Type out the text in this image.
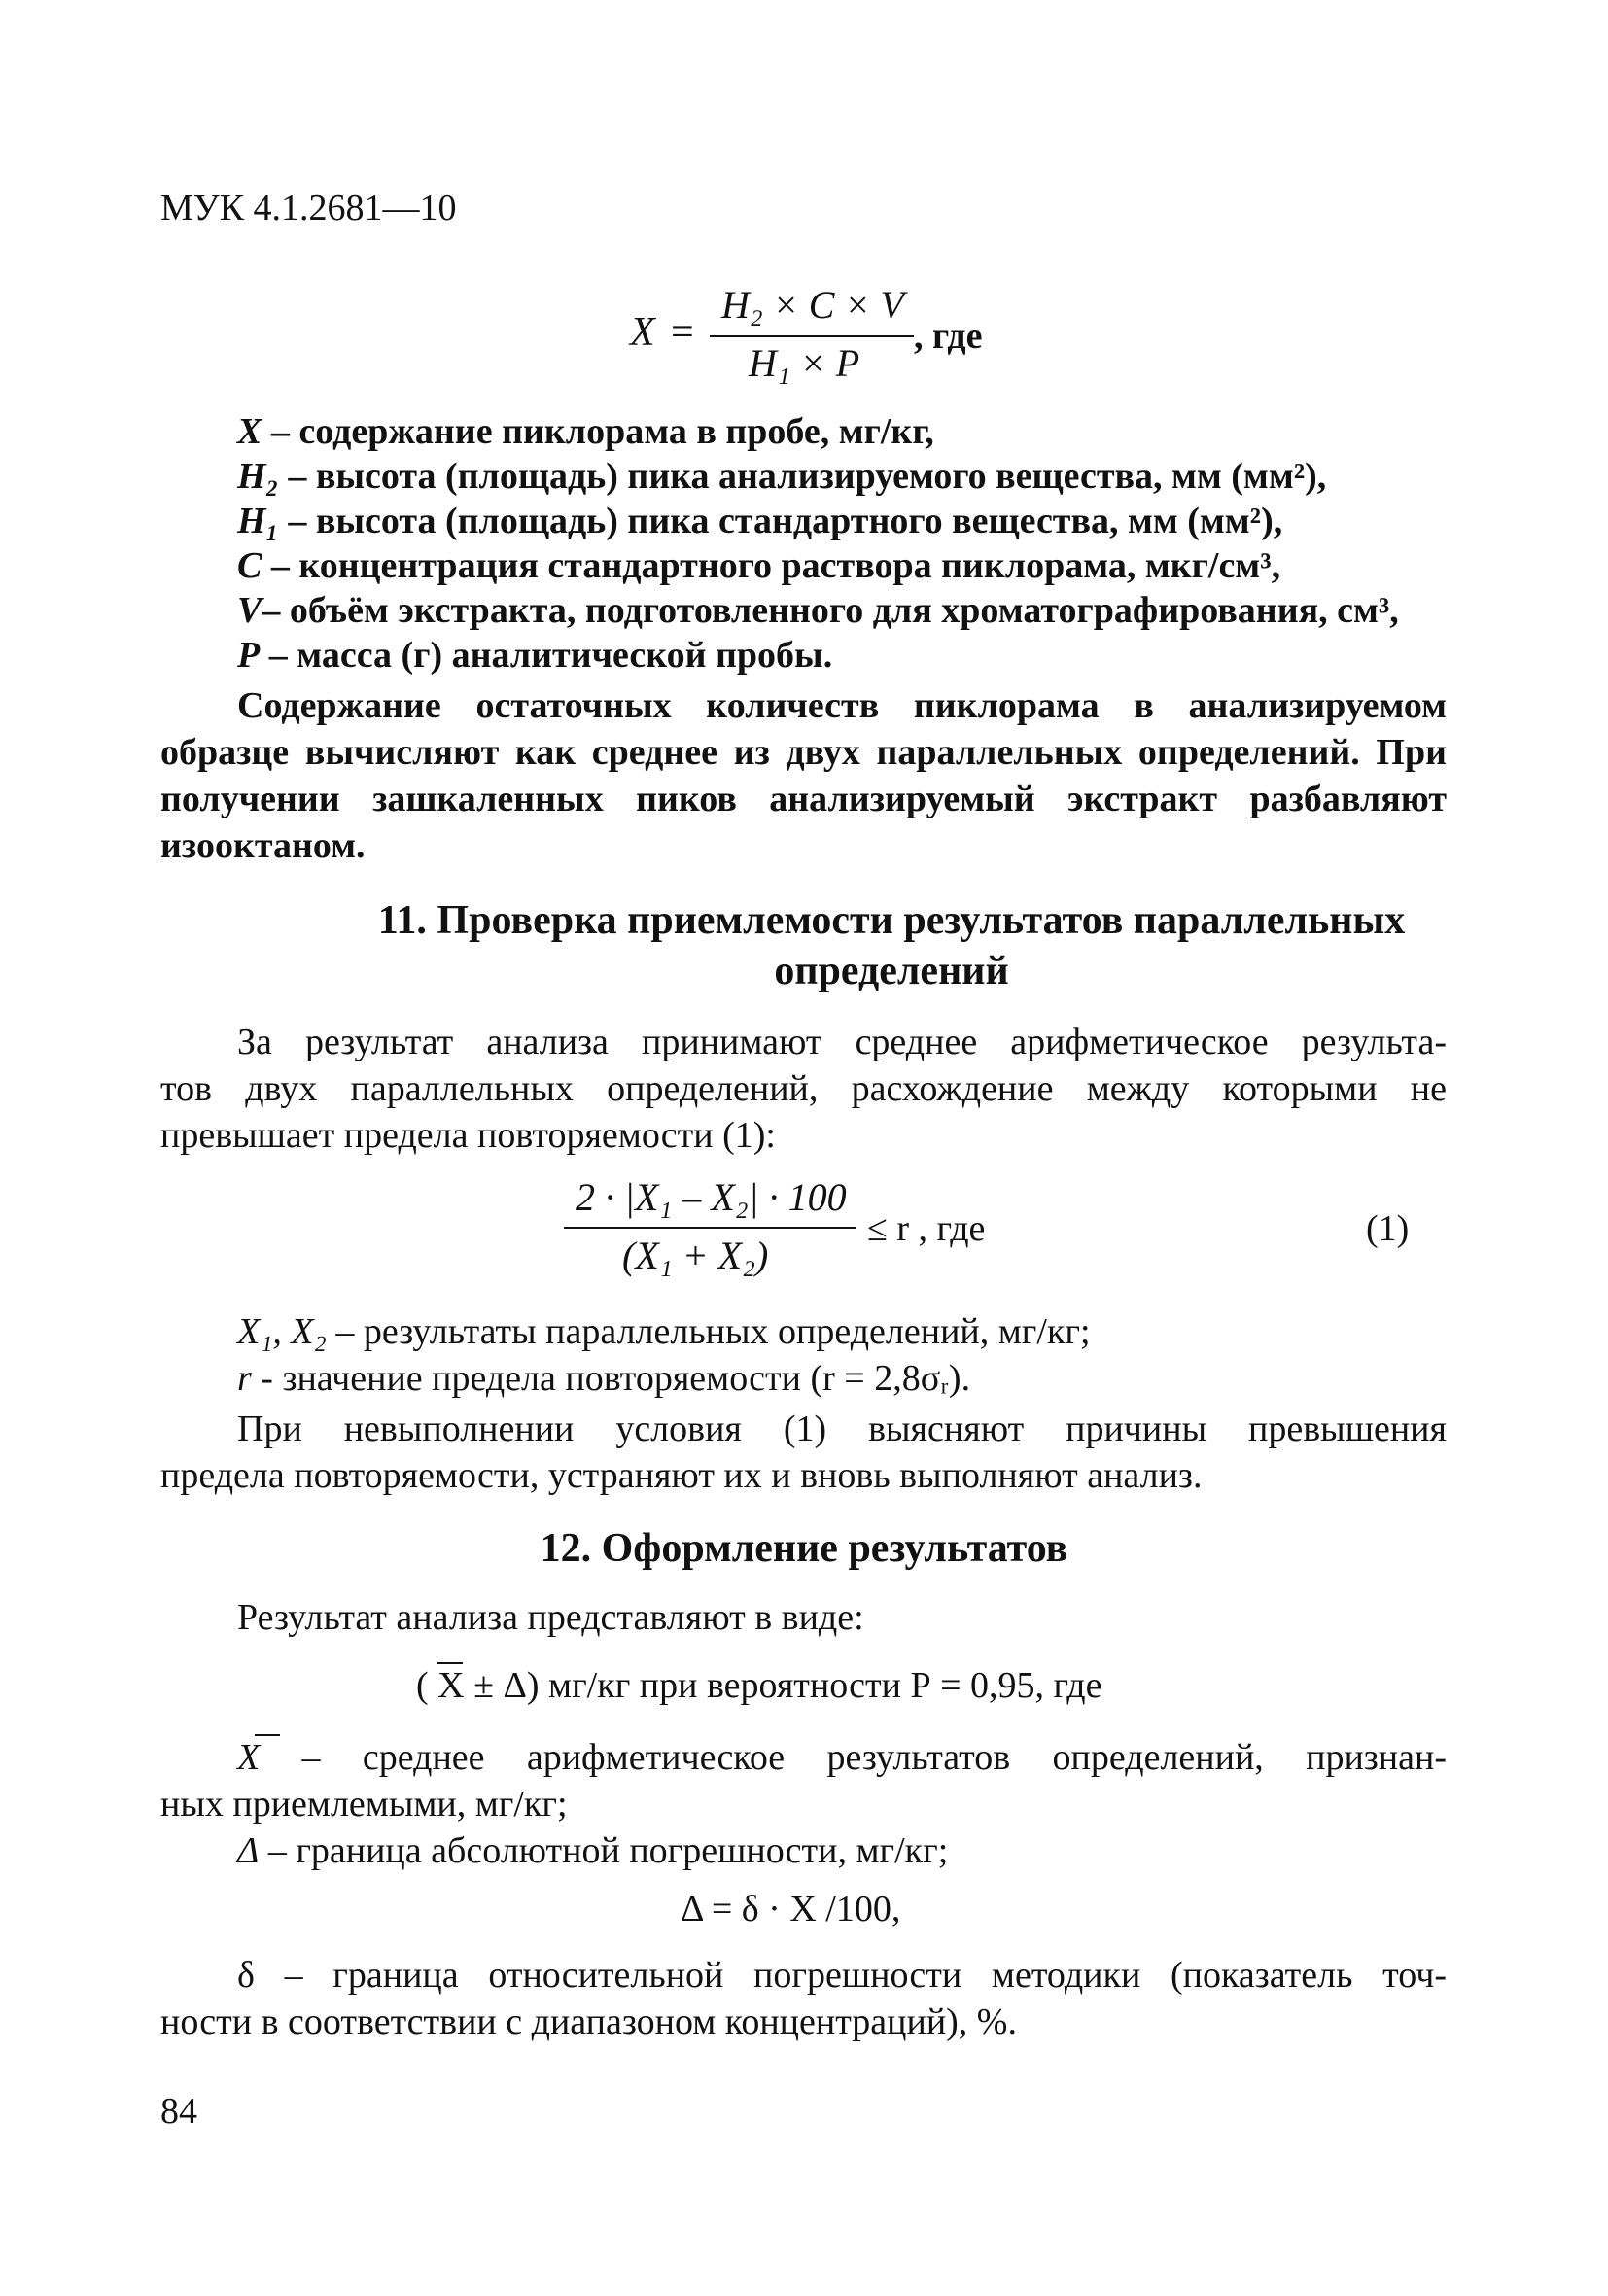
МУК 4.1.2681—10
X =
H₂ × C × V
H₁ × P
, где
X – содержание пиклорама в пробе, мг/кг,
H₂ – высота (площадь) пика анализируемого вещества, мм (мм²),
H₁ – высота (площадь) пика стандартного вещества, мм (мм²),
C – концентрация стандартного раствора пиклорама, мкг/см³,
V– объём экстракта, подготовленного для хроматографирования, см³,
P – масса (г) аналитической пробы.
Содержание остаточных количеств пиклорама в анализируемом
образце вычисляют как среднее из двух параллельных определений. При
получении зашкаленных пиков анализируемый экстракт разбавляют
изооктаном.
11. Проверка приемлемости результатов параллельных
определений
За результат анализа принимают среднее арифметическое результа-
тов двух параллельных определений, расхождение между которыми не
превышает предела повторяемости (1):
2 · |X₁ – X₂| · 100
(X₁ + X₂)
≤ r , где	(1)
X₁, X₂ – результаты параллельных определений, мг/кг;
r - значение предела повторяемости (r = 2,8σᵣ).
При невыполнении условия (1) выясняют причины превышения
предела повторяемости, устраняют их и вновь выполняют анализ.
12. Оформление результатов
Результат анализа представляют в виде:
( X ± Δ) мг/кг при вероятности Р = 0,95, где
X – среднее арифметическое результатов определений, признан-
ных приемлемыми, мг/кг;
Δ – граница абсолютной погрешности, мг/кг;
Δ = δ · X /100,
δ – граница относительной погрешности методики (показатель точ-
ности в соответствии с диапазоном концентраций), %.
84
